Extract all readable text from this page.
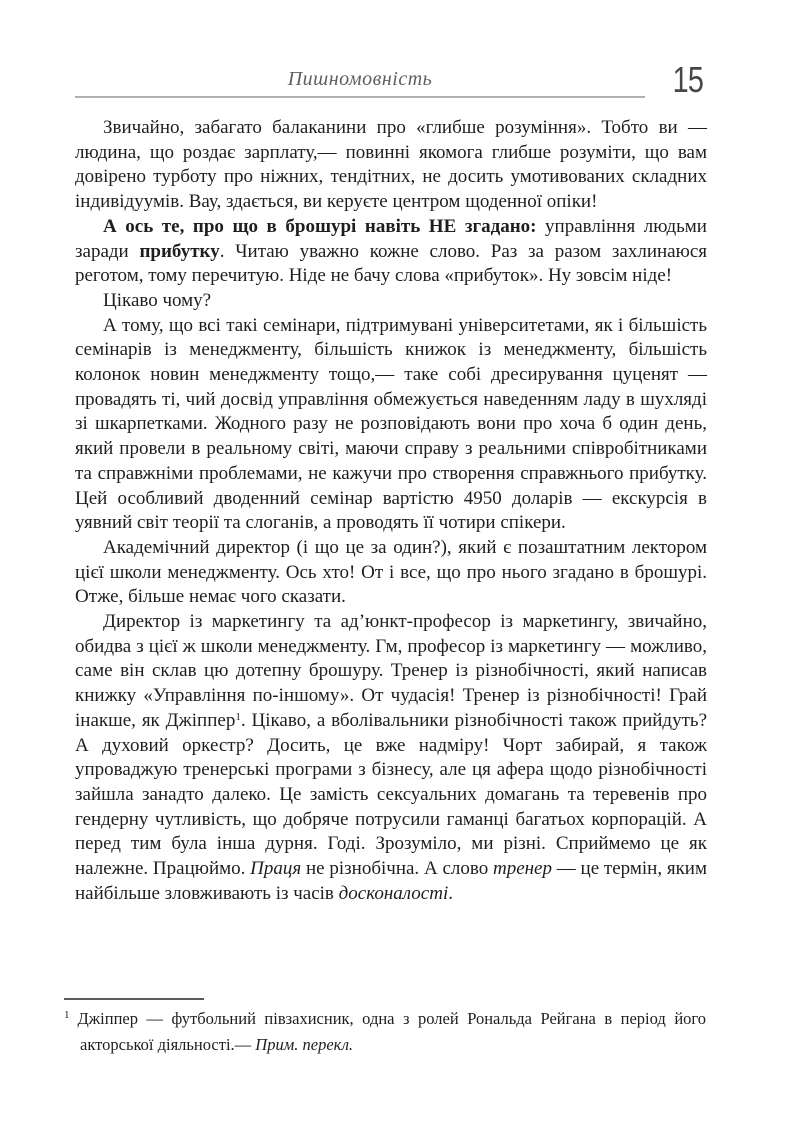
Пишномовність	15

Звичайно, забагато балаканини про «глибше розуміння». Тобто ви — людина, що роздає зарплату,— повинні якомога глибше розуміти, що вам довірено турботу про ніжних, тендітних, не досить умотивованих складних індивідуумів. Вау, здається, ви керуєте центром щоденної опіки!

А ось те, про що в брошурі навіть НЕ згадано: управління людьми заради прибутку. Читаю уважно кожне слово. Раз за разом захлинаюся реготом, тому перечитую. Ніде не бачу слова «прибуток». Ну зовсім ніде!

Цікаво чому?

А тому, що всі такі семінари, підтримувані університетами, як і більшість семінарів із менеджменту, більшість книжок із менеджменту, більшість колонок новин менеджменту тощо,— таке собі дресирування цуценят — провадять ті, чий досвід управління обмежується наведенням ладу в шухляді зі шкарпетками. Жодного разу не розповідають вони про хоча б один день, який провели в реальному світі, маючи справу з реальними співробітниками та справжніми проблемами, не кажучи про створення справжнього прибутку. Цей особливий дводенний семінар вартістю 4950 доларів — екскурсія в уявний світ теорії та слоганів, а проводять її чотири спікери.

Академічний директор (і що це за один?), який є позаштатним лектором цієї школи менеджменту. Ось хто! От і все, що про нього згадано в брошурі. Отже, більше немає чого сказати.

Директор із маркетингу та ад’юнкт-професор із маркетингу, звичайно, обидва з цієї ж школи менеджменту. Гм, професор із маркетингу — можливо, саме він склав цю дотепну брошуру. Тренер із різнобічності, який написав книжку «Управління по-іншому». От чудасія! Тренер із різнобічності! Грай інакше, як Джіппер$^1$. Цікаво, а вболівальники різнобічності також прийдуть? А духовий оркестр? Досить, це вже надміру! Чорт забирай, я також упроваджую тренерські програми з бізнесу, але ця афера щодо різнобічності зайшла занадто далеко. Це замість сексуальних домагань та теревенів про гендерну чутливість, що добряче потрусили гаманці багатьох корпорацій. А перед тим була інша дурня. Годі. Зрозуміло, ми різні. Сприймемо це як належне. Працюймо. Праця не різнобічна. А слово тренер — це термін, яким найбільше зловживають із часів досконалості.

$^1$ Джіппер — футбольний півзахисник, одна з ролей Рональда Рейгана в період його акторської діяльності.— Прим. перекл.
